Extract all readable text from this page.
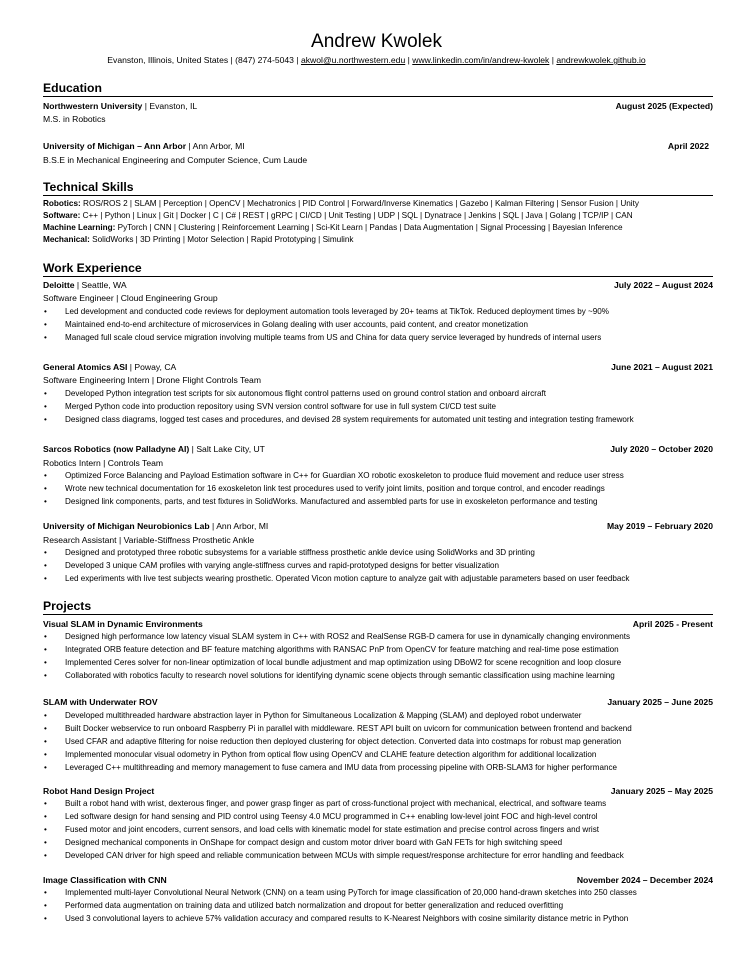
Andrew Kwolek
Evanston, Illinois, United States | (847) 274-5043 | akwol@u.northwestern.edu | www.linkedin.com/in/andrew-kwolek | andrewkwolek.github.io
Education
Northwestern University | Evanston, IL	August 2025 (Expected)
M.S. in Robotics
University of Michigan – Ann Arbor | Ann Arbor, MI	April 2022
B.S.E in Mechanical Engineering and Computer Science, Cum Laude
Technical Skills
Robotics: ROS/ROS 2 | SLAM | Perception | OpenCV | Mechatronics | PID Control | Forward/Inverse Kinematics | Gazebo | Kalman Filtering | Sensor Fusion | Unity
Software: C++ | Python | Linux | Git | Docker | C | C# | REST | gRPC | CI/CD | Unit Testing | UDP | SQL | Dynatrace | Jenkins | SQL | Java | Golang | TCP/IP | CAN
Machine Learning: PyTorch | CNN | Clustering | Reinforcement Learning | Sci-Kit Learn | Pandas | Data Augmentation | Signal Processing | Bayesian Inference
Mechanical: SolidWorks | 3D Printing | Motor Selection | Rapid Prototyping | Simulink
Work Experience
Deloitte | Seattle, WA	July 2022 – August 2024
Software Engineer | Cloud Engineering Group
• Led development and conducted code reviews for deployment automation tools leveraged by 20+ teams at TikTok. Reduced deployment times by ~90%
• Maintained end-to-end architecture of microservices in Golang dealing with user accounts, paid content, and creator monetization
• Managed full scale cloud service migration involving multiple teams from US and China for data query service leveraged by hundreds of internal users
General Atomics ASI | Poway, CA	June 2021 – August 2021
Software Engineering Intern | Drone Flight Controls Team
• Developed Python integration test scripts for six autonomous flight control patterns used on ground control station and onboard aircraft
• Merged Python code into production repository using SVN version control software for use in full system CI/CD test suite
• Designed class diagrams, logged test cases and procedures, and devised 28 system requirements for automated unit testing and integration testing framework
Sarcos Robotics (now Palladyne AI) | Salt Lake City, UT	July 2020 – October 2020
Robotics Intern | Controls Team
• Optimized Force Balancing and Payload Estimation software in C++ for Guardian XO robotic exoskeleton to produce fluid movement and reduce user stress
• Wrote new technical documentation for 16 exoskeleton link test procedures used to verify joint limits, position and torque control, and encoder readings
• Designed link components, parts, and test fixtures in SolidWorks. Manufactured and assembled parts for use in exoskeleton performance and testing
University of Michigan Neurobionics Lab | Ann Arbor, MI	May 2019 – February 2020
Research Assistant | Variable-Stiffness Prosthetic Ankle
• Designed and prototyped three robotic subsystems for a variable stiffness prosthetic ankle device using SolidWorks and 3D printing
• Developed 3 unique CAM profiles with varying angle-stiffness curves and rapid-prototyped designs for better visualization
• Led experiments with live test subjects wearing prosthetic. Operated Vicon motion capture to analyze gait with adjustable parameters based on user feedback
Projects
Visual SLAM in Dynamic Environments	April 2025 - Present
• Designed high performance low latency visual SLAM system in C++ with ROS2 and RealSense RGB-D camera for use in dynamically changing environments
• Integrated ORB feature detection and BF feature matching algorithms with RANSAC PnP from OpenCV for feature matching and real-time pose estimation
• Implemented Ceres solver for non-linear optimization of local bundle adjustment and map optimization using DBoW2 for scene recognition and loop closure
• Collaborated with robotics faculty to research novel solutions for identifying dynamic scene objects through semantic classification using machine learning
SLAM with Underwater ROV	January 2025 – June 2025
• Developed multithreaded hardware abstraction layer in Python for Simultaneous Localization & Mapping (SLAM) and deployed robot underwater
• Built Docker webservice to run onboard Raspberry Pi in parallel with middleware. REST API built on uvicorn for communication between frontend and backend
• Used CFAR and adaptive filtering for noise reduction then deployed clustering for object detection. Converted data into costmaps for robust map generation
• Implemented monocular visual odometry in Python from optical flow using OpenCV and CLAHE feature detection algorithm for additional localization
• Leveraged C++ multithreading and memory management to fuse camera and IMU data from processing pipeline with ORB-SLAM3 for higher performance
Robot Hand Design Project	January 2025 – May 2025
• Built a robot hand with wrist, dexterous finger, and power grasp finger as part of cross-functional project with mechanical, electrical, and software teams
• Led software design for hand sensing and PID control using Teensy 4.0 MCU programmed in C++ enabling low-level joint FOC and high-level control
• Fused motor and joint encoders, current sensors, and load cells with kinematic model for state estimation and precise control across fingers and wrist
• Designed mechanical components in OnShape for compact design and custom motor driver board with GaN FETs for high switching speed
• Developed CAN driver for high speed and reliable communication between MCUs with simple request/response architecture for error handling and feedback
Image Classification with CNN	November 2024 – December 2024
• Implemented multi-layer Convolutional Neural Network (CNN) on a team using PyTorch for image classification of 20,000 hand-drawn sketches into 250 classes
• Performed data augmentation on training data and utilized batch normalization and dropout for better generalization and reduced overfitting
• Used 3 convolutional layers to achieve 57% validation accuracy and compared results to K-Nearest Neighbors with cosine similarity distance metric in Python
